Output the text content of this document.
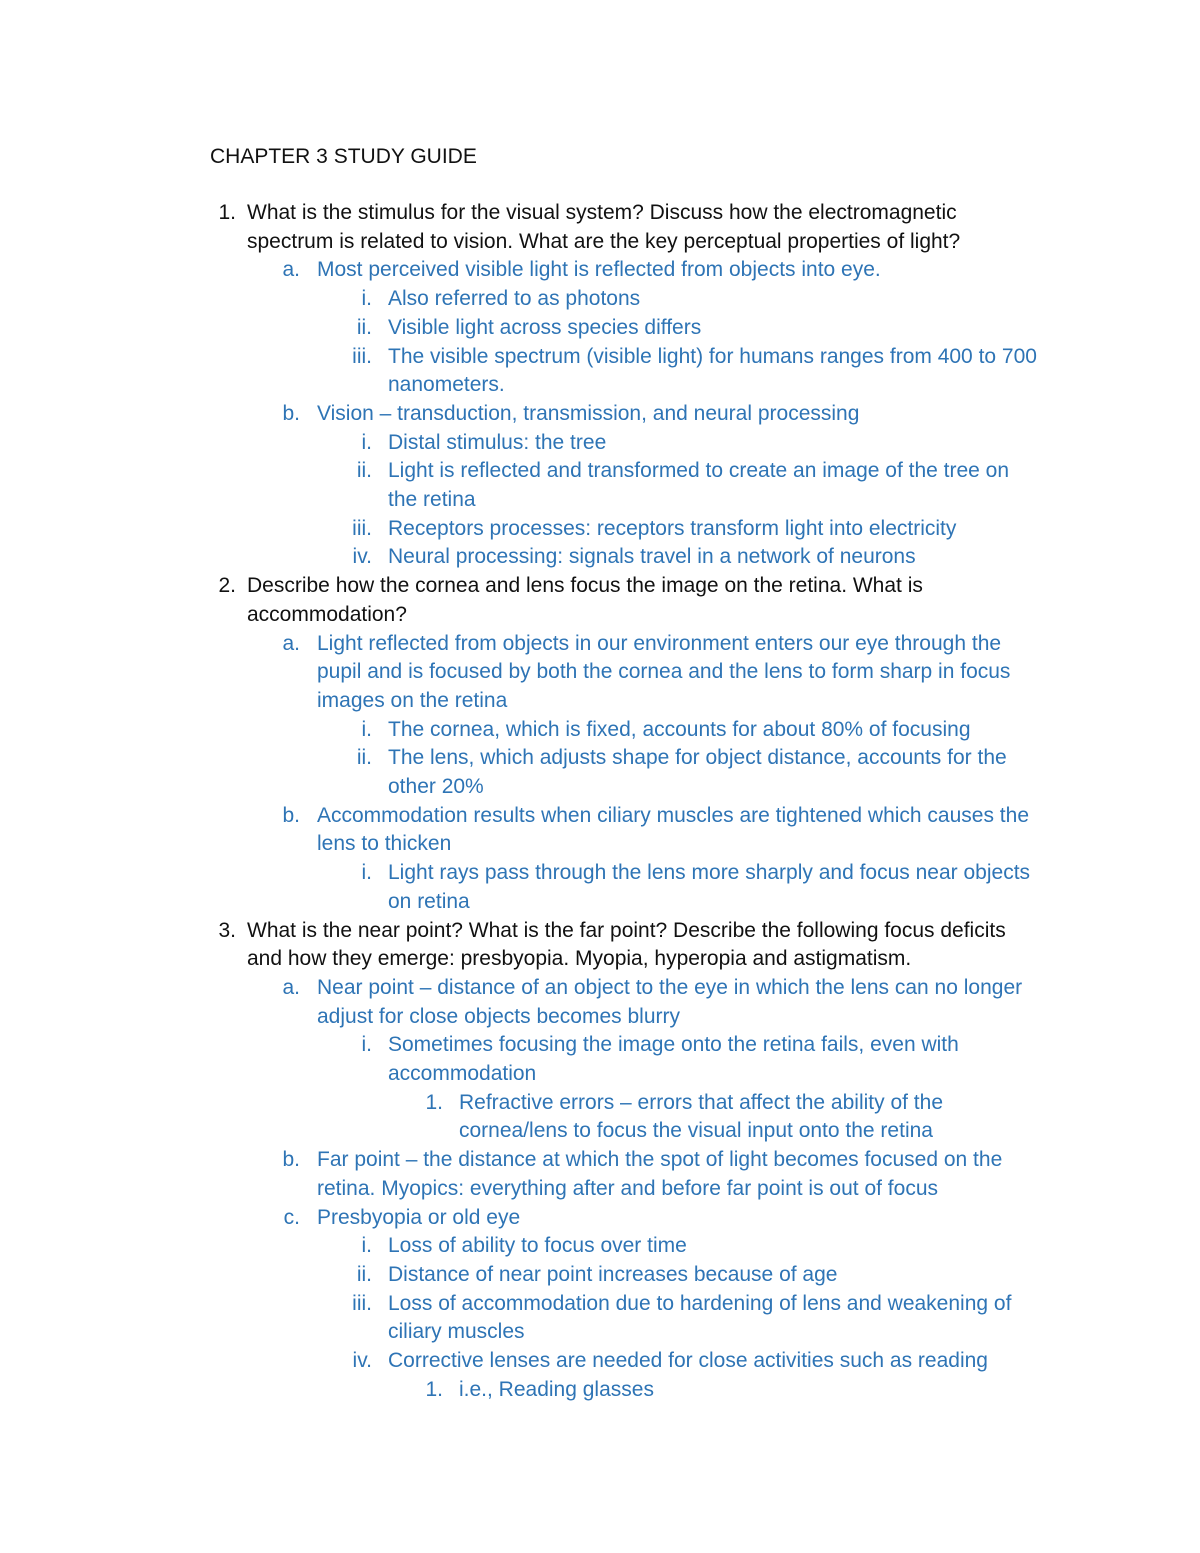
CHAPTER 3 STUDY GUIDE
1. What is the stimulus for the visual system? Discuss how the electromagnetic
spectrum is related to vision. What are the key perceptual properties of light?
a. Most perceived visible light is reflected from objects into eye.
i. Also referred to as photons
ii. Visible light across species differs
iii. The visible spectrum (visible light) for humans ranges from 400 to 700
nanometers.
b. Vision – transduction, transmission, and neural processing
i. Distal stimulus: the tree
ii. Light is reflected and transformed to create an image of the tree on
the retina
iii. Receptors processes: receptors transform light into electricity
iv. Neural processing: signals travel in a network of neurons
2. Describe how the cornea and lens focus the image on the retina. What is
accommodation?
a. Light reflected from objects in our environment enters our eye through the
pupil and is focused by both the cornea and the lens to form sharp in focus
images on the retina
i. The cornea, which is fixed, accounts for about 80% of focusing
ii. The lens, which adjusts shape for object distance, accounts for the
other 20%
b. Accommodation results when ciliary muscles are tightened which causes the
lens to thicken
i. Light rays pass through the lens more sharply and focus near objects
on retina
3. What is the near point? What is the far point? Describe the following focus deficits
and how they emerge: presbyopia. Myopia, hyperopia and astigmatism.
a. Near point – distance of an object to the eye in which the lens can no longer
adjust for close objects becomes blurry
i. Sometimes focusing the image onto the retina fails, even with
accommodation
1. Refractive errors – errors that affect the ability of the
cornea/lens to focus the visual input onto the retina
b. Far point – the distance at which the spot of light becomes focused on the
retina. Myopics: everything after and before far point is out of focus
c. Presbyopia or old eye
i. Loss of ability to focus over time
ii. Distance of near point increases because of age
iii. Loss of accommodation due to hardening of lens and weakening of
ciliary muscles
iv. Corrective lenses are needed for close activities such as reading
1. i.e., Reading glasses
